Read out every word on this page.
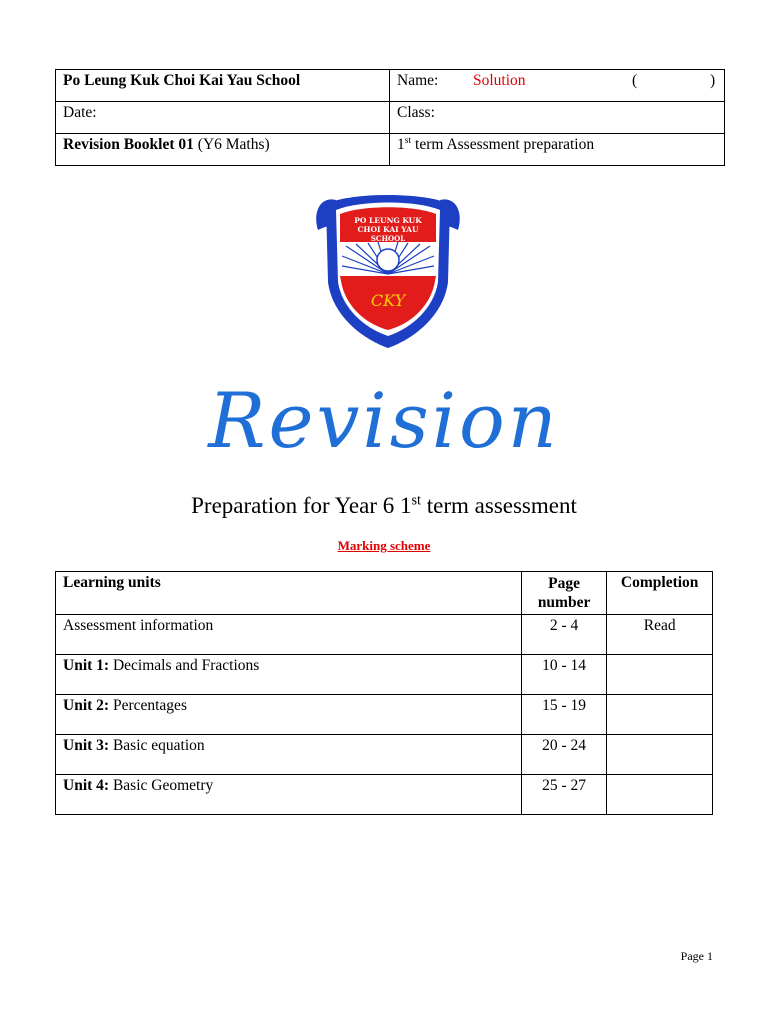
Po Leung Kuk Choi Kai Yau School	Name: Solution ( )

Date:	Class:
Revision Booklet 01 (Y6 Maths)	1st term Assessment preparation
PO LEUNG KUK
CHOI KAI YAU
SCHOOL
CKY
Revision
Preparation for Year 6 1st term assessment
Marking scheme
Learning units	Page number	Completion
Assessment information	2 - 4	Read
Unit 1: Decimals and Fractions	10 - 14	
Unit 2: Percentages	15 - 19	
Unit 3: Basic equation	20 - 24	
Unit 4: Basic Geometry	25 - 27	
Page 1
